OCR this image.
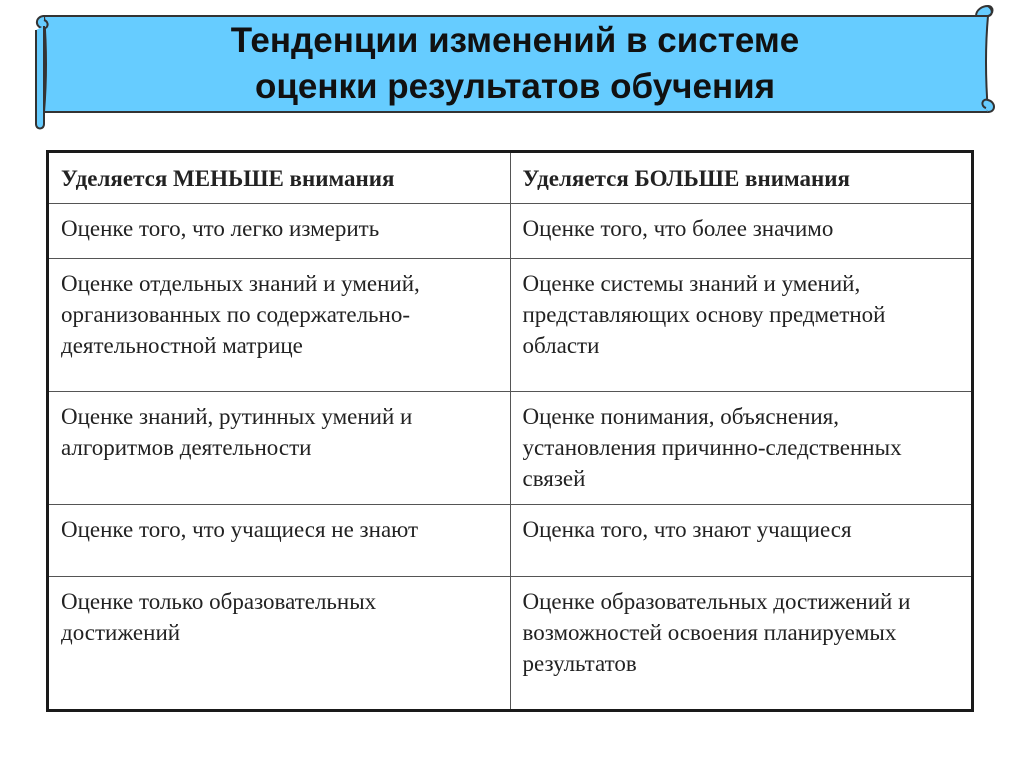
Тенденции изменений в системе
оценки результатов обучения
Уделяется МЕНЬШЕ внимания	Уделяется БОЛЬШЕ внимания
Оценке того, что легко измерить	Оценке того, что более значимо
Оценке отдельных знаний и умений, организованных по содержательно-деятельностной матрице	Оценке системы знаний и умений, представляющих основу предметной области
Оценке знаний, рутинных умений и алгоритмов деятельности	Оценке понимания, объяснения, установления причинно-следственных связей
Оценке того, что учащиеся не знают	Оценка того, что знают учащиеся
Оценке только образовательных достижений	Оценке образовательных достижений и возможностей освоения планируемых результатов
